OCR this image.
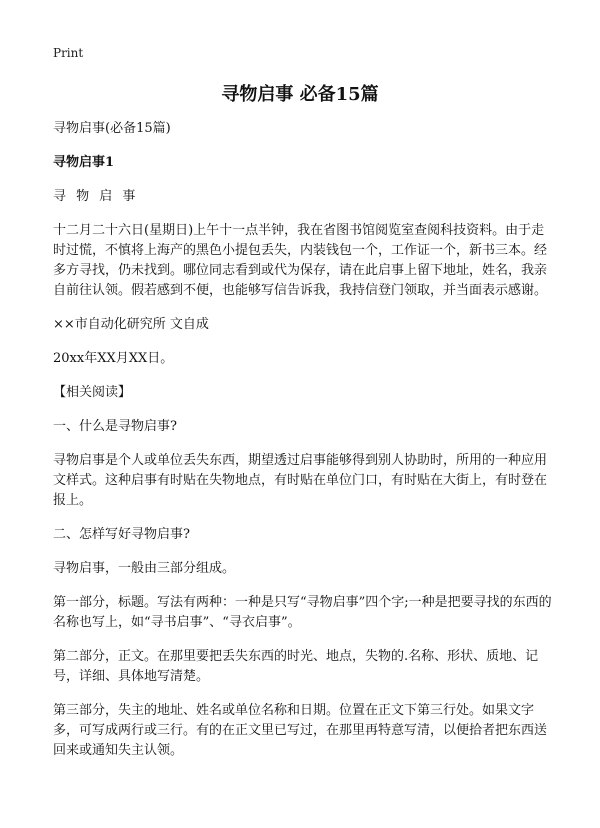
Print
寻物启事 必备15篇

寻物启事(必备15篇)

寻物启事1

寻 物 启 事

十二月二十六日(星期日)上午十一点半钟，我在省图书馆阅览室查阅科技资料。由于走时过慌，不慎将上海产的黑色小提包丢失，内装钱包一个，工作证一个，新书三本。经多方寻找，仍未找到。哪位同志看到或代为保存，请在此启事上留下地址，姓名，我亲自前往认领。假若感到不便，也能够写信告诉我，我持信登门领取，并当面表示感谢。

××市自动化研究所 文自成

20xx年XX月XX日。

【相关阅读】

一、什么是寻物启事?

寻物启事是个人或单位丢失东西，期望透过启事能够得到别人协助时，所用的一种应用文样式。这种启事有时贴在失物地点，有时贴在单位门口，有时贴在大街上，有时登在报上。

二、怎样写好寻物启事?

寻物启事，一般由三部分组成。

第一部分，标题。写法有两种：一种是只写“寻物启事”四个字;一种是把要寻找的东西的名称也写上，如“寻书启事”、“寻衣启事”。

第二部分，正文。在那里要把丢失东西的时光、地点，失物的.名称、形状、质地、记号，详细、具体地写清楚。

第三部分，失主的地址、姓名或单位名称和日期。位置在正文下第三行处。如果文字多，可写成两行或三行。有的在正文里已写过，在那里再特意写清，以便拾者把东西送回来或通知失主认领。
